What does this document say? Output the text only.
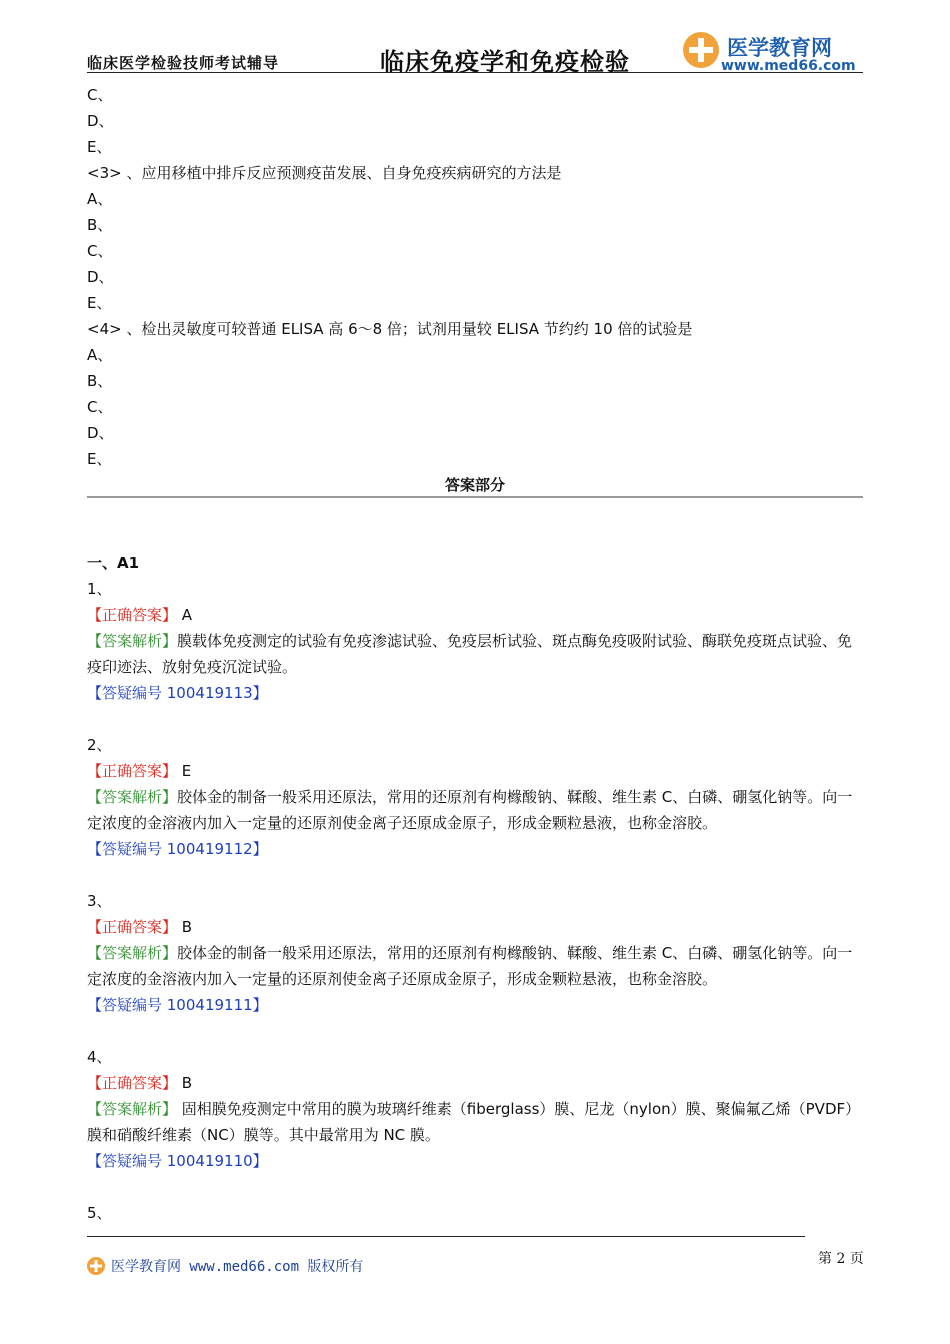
临床医学检验技师考试辅导	临床免疫学和免疫检验	医学教育网
www.med66.com
C、
D、
E、
<3> 、应用移植中排斥反应预测疫苗发展、自身免疫疾病研究的方法是
A、
B、
C、
D、
E、
<4> 、检出灵敏度可较普通 ELISA 高 6～8 倍；试剂用量较 ELISA 节约约 10 倍的试验是
A、
B、
C、
D、
E、
答案部分
一、A1
1、
【正确答案】 A
【答案解析】膜载体免疫测定的试验有免疫渗滤试验、免疫层析试验、斑点酶免疫吸附试验、酶联免疫斑点试验、免疫印迹法、放射免疫沉淀试验。
【答疑编号 100419113】
2、
【正确答案】 E
【答案解析】胶体金的制备一般采用还原法，常用的还原剂有枸橼酸钠、鞣酸、维生素 C、白磷、硼氢化钠等。向一定浓度的金溶液内加入一定量的还原剂使金离子还原成金原子，形成金颗粒悬液，也称金溶胶。
【答疑编号 100419112】
3、
【正确答案】 B
【答案解析】胶体金的制备一般采用还原法，常用的还原剂有枸橼酸钠、鞣酸、维生素 C、白磷、硼氢化钠等。向一定浓度的金溶液内加入一定量的还原剂使金离子还原成金原子，形成金颗粒悬液，也称金溶胶。
【答疑编号 100419111】
4、
【正确答案】 B
【答案解析】 固相膜免疫测定中常用的膜为玻璃纤维素（fiberglass）膜、尼龙（nylon）膜、聚偏氟乙烯（PVDF）膜和硝酸纤维素（NC）膜等。其中最常用为 NC 膜。
【答疑编号 100419110】
5、
医学教育网 www.med66.com 版权所有	第 2 页
